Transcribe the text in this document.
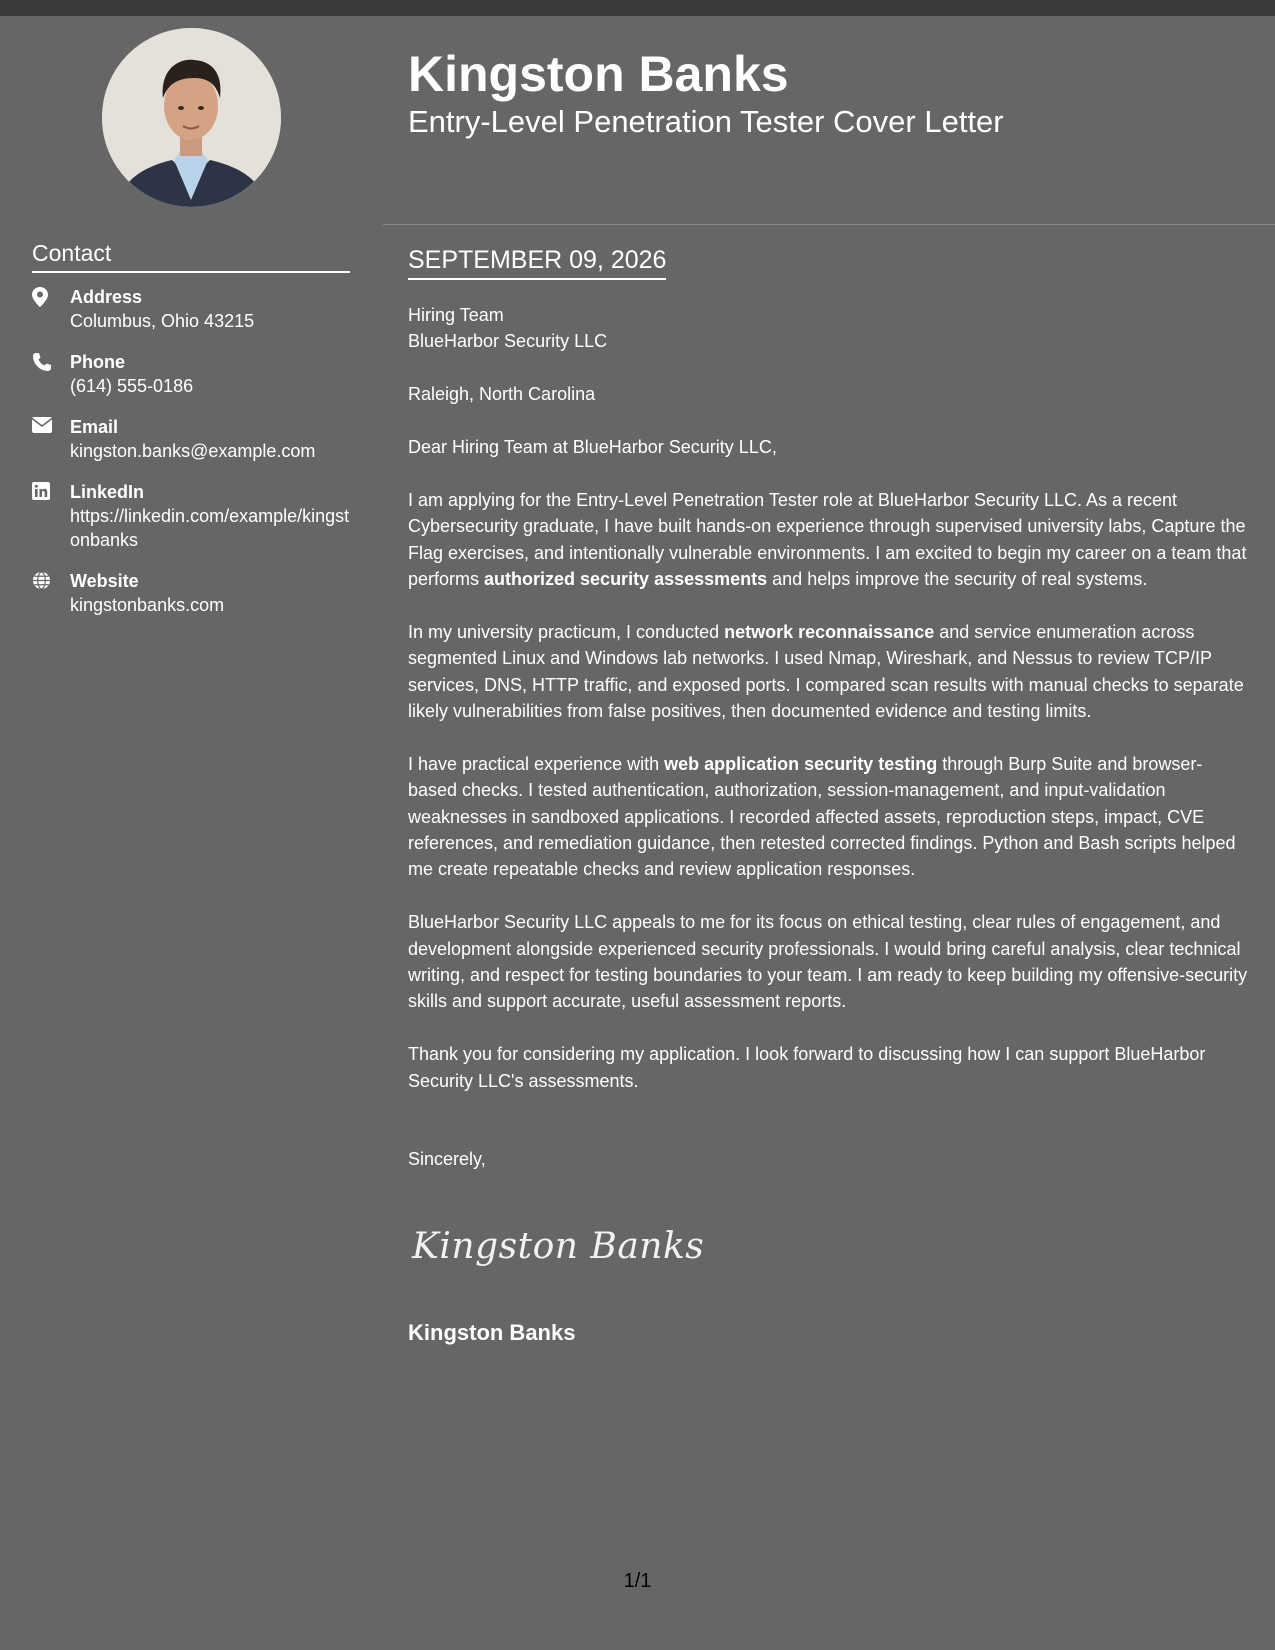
Contact
Address
Columbus, Ohio 43215
Phone
(614) 555-0186
Email
kingston.banks@example.com
LinkedIn
https://linkedin.com/example/kingstonbanks
Website
kingstonbanks.com
Kingston Banks
Entry-Level Penetration Tester Cover Letter
SEPTEMBER 09, 2026

Hiring Team

BlueHarbor Security LLC

Raleigh, North Carolina

Dear Hiring Team at BlueHarbor Security LLC,

I am applying for the Entry-Level Penetration Tester role at BlueHarbor Security LLC. As a recent Cybersecurity graduate, I have built hands-on experience through supervised university labs, Capture the Flag exercises, and intentionally vulnerable environments. I am excited to begin my career on a team that performs authorized security assessments and helps improve the security of real systems.

In my university practicum, I conducted network reconnaissance and service enumeration across segmented Linux and Windows lab networks. I used Nmap, Wireshark, and Nessus to review TCP/IP services, DNS, HTTP traffic, and exposed ports. I compared scan results with manual checks to separate likely vulnerabilities from false positives, then documented evidence and testing limits.

I have practical experience with web application security testing through Burp Suite and browser-based checks. I tested authentication, authorization, session-management, and input-validation weaknesses in sandboxed applications. I recorded affected assets, reproduction steps, impact, CVE references, and remediation guidance, then retested corrected findings. Python and Bash scripts helped me create repeatable checks and review application responses.

BlueHarbor Security LLC appeals to me for its focus on ethical testing, clear rules of engagement, and development alongside experienced security professionals. I would bring careful analysis, clear technical writing, and respect for testing boundaries to your team. I am ready to keep building my offensive-security skills and support accurate, useful assessment reports.

Thank you for considering my application. I look forward to discussing how I can support BlueHarbor Security LLC's assessments.

Sincerely,

Kingston Banks
Kingston Banks
1/1
